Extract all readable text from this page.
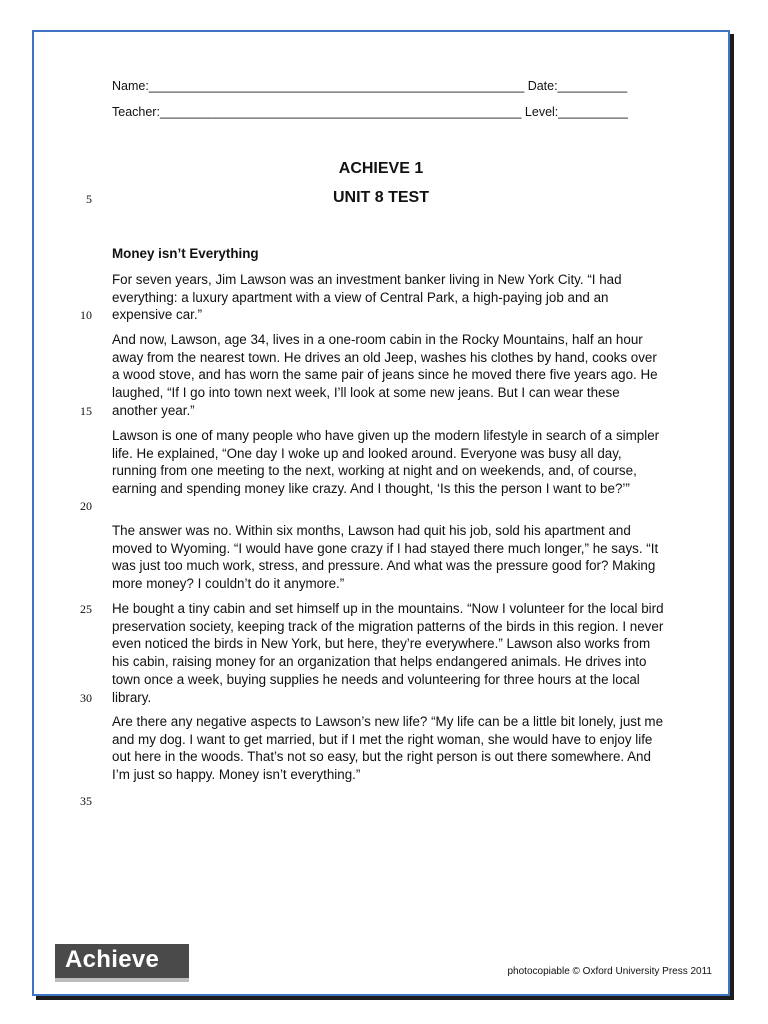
Name:______________________________________________________ Date:__________
Teacher:____________________________________________________ Level:__________
ACHIEVE 1
UNIT 8 TEST
Money isn’t Everything

For seven years, Jim Lawson was an investment banker living in New York City. “I had everything: a luxury apartment with a view of Central Park, a high-paying job and an expensive car.”

And now, Lawson, age 34, lives in a one-room cabin in the Rocky Mountains, half an hour away from the nearest town. He drives an old Jeep, washes his clothes by hand, cooks over a wood stove, and has worn the same pair of jeans since he moved there five years ago. He laughed, “If I go into town next week, I’ll look at some new jeans. But I can wear these another year.”

Lawson is one of many people who have given up the modern lifestyle in search of a simpler life. He explained, “One day I woke up and looked around. Everyone was busy all day, running from one meeting to the next, working at night and on weekends, and, of course, earning and spending money like crazy. And I thought, ‘Is this the person I want to be?’”

The answer was no. Within six months, Lawson had quit his job, sold his apartment and moved to Wyoming. “I would have gone crazy if I had stayed there much longer,” he says. “It was just too much work, stress, and pressure. And what was the pressure good for? Making more money? I couldn’t do it anymore.”

He bought a tiny cabin and set himself up in the mountains. “Now I volunteer for the local bird preservation society, keeping track of the migration patterns of the birds in this region. I never even noticed the birds in New York, but here, they’re everywhere.” Lawson also works from his cabin, raising money for an organization that helps endangered animals. He drives into town once a week, buying supplies he needs and volunteering for three hours at the local library.

Are there any negative aspects to Lawson’s new life? “My life can be a little bit lonely, just me and my dog. I want to get married, but if I met the right woman, she would have to enjoy life out here in the woods. That’s not so easy, but the right person is out there somewhere. And I’m just so happy. Money isn’t everything.”

5
10
15
20
25
30
35
Achieve	photocopiable © Oxford University Press 2011
